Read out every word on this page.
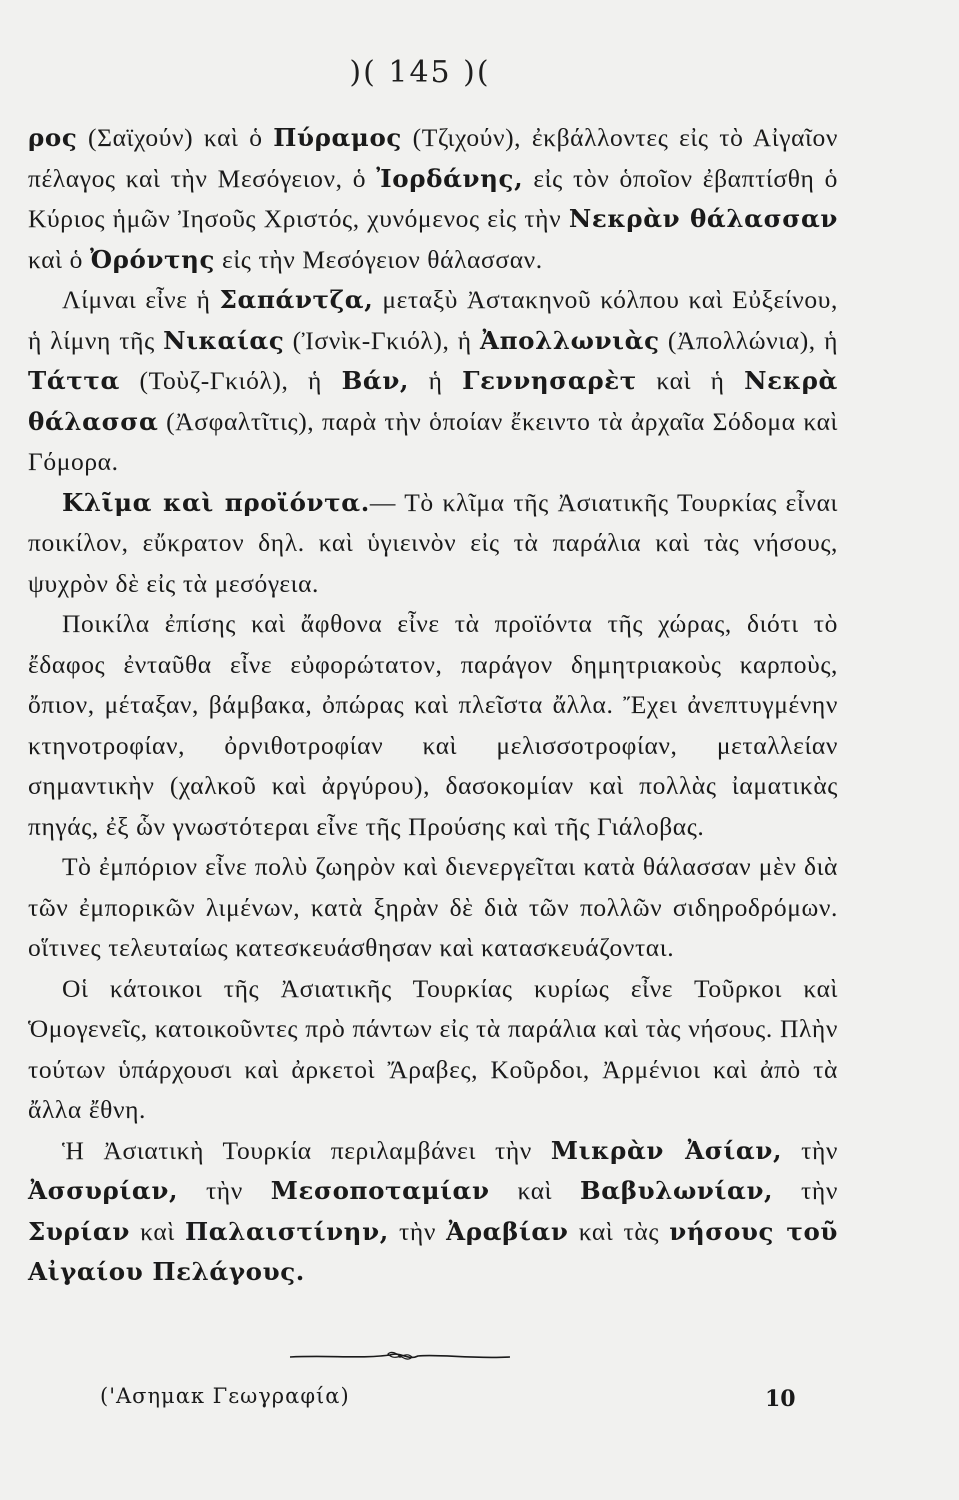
)( 145 )(

ρος (Σαϊχούν) καὶ ὁ Πύραμος (Τζιχούν), ἐκβάλλοντες εἰς τὸ Αἰγαῖον πέλαγος καὶ τὴν Μεσόγειον, ὁ Ἰορδάνης, εἰς τὸν ὁποῖον ἐβαπτίσθη ὁ Κύριος ἡμῶν Ἰησοῦς Χριστός, χυνόμενος εἰς τὴν Νεκρὰν θάλασσαν καὶ ὁ Ὀρόντης εἰς τὴν Μεσόγειον θάλασσαν.

Λίμναι εἶνε ἡ Σαπάντζα, μεταξὺ Ἀστακηνοῦ κόλπου καὶ Εὐξείνου, ἡ λίμνη τῆς Νικαίας (Ἰσνὶκ-Γκιόλ), ἡ Ἀπολλωνιὰς (Ἀπολλώνια), ἡ Τάττα (Τοὺζ-Γκιόλ), ἡ Βάν, ἡ Γεννησαρὲτ καὶ ἡ Νεκρὰ θάλασσα (Ἀσφαλτῖτις), παρὰ τὴν ὁποίαν ἔκειντο τὰ ἀρχαῖα Σόδομα καὶ Γόμορα.

Κλῖμα καὶ προϊόντα.— Τὸ κλῖμα τῆς Ἀσιατικῆς Τουρκίας εἶναι ποικίλον, εὔκρατον δηλ. καὶ ὑγιεινὸν εἰς τὰ παράλια καὶ τὰς νήσους, ψυχρὸν δὲ εἰς τὰ μεσόγεια.

Ποικίλα ἐπίσης καὶ ἄφθονα εἶνε τὰ προϊόντα τῆς χώρας, διότι τὸ ἔδαφος ἐνταῦθα εἶνε εὐφορώτατον, παράγον δημητριακοὺς καρποὺς, ὄπιον, μέταξαν, βάμβακα, ὀπώρας καὶ πλεῖστα ἄλλα. Ἔχει ἀνεπτυγμένην κτηνοτροφίαν, ὀρνιθοτροφίαν καὶ μελισσοτροφίαν, μεταλλείαν σημαντικὴν (χαλκοῦ καὶ ἀργύρου), δασοκομίαν καὶ πολλὰς ἰαματικὰς πηγάς, ἐξ ὧν γνωστότεραι εἶνε τῆς Προύσης καὶ τῆς Γιάλοβας.

Τὸ ἐμπόριον εἶνε πολὺ ζωηρὸν καὶ διενεργεῖται κατὰ θάλασσαν μὲν διὰ τῶν ἐμπορικῶν λιμένων, κατὰ ξηρὰν δὲ διὰ τῶν πολλῶν σιδηροδρόμων. οἵτινες τελευταίως κατεσκευάσθησαν καὶ κατασκευάζονται.

Οἱ κάτοικοι τῆς Ἀσιατικῆς Τουρκίας κυρίως εἶνε Τοῦρκοι καὶ Ὁμογενεῖς, κατοικοῦντες πρὸ πάντων εἰς τὰ παράλια καὶ τὰς νήσους. Πλὴν τούτων ὑπάρχουσι καὶ ἀρκετοὶ Ἄραβες, Κοῦρδοι, Ἀρμένιοι καὶ ἀπὸ τὰ ἄλλα ἔθνη.

Ἡ Ἀσιατικὴ Τουρκία περιλαμβάνει τὴν Μικρὰν Ἀσίαν, τὴν Ἀσσυρίαν, τὴν Μεσοποταμίαν καὶ Βαβυλωνίαν, τὴν Συρίαν καὶ Παλαιστίνην, τὴν Ἀραβίαν καὶ τὰς νήσους τοῦ Αἰγαίου Πελάγους.

('Ασημακ Γεωγραφία)	10
